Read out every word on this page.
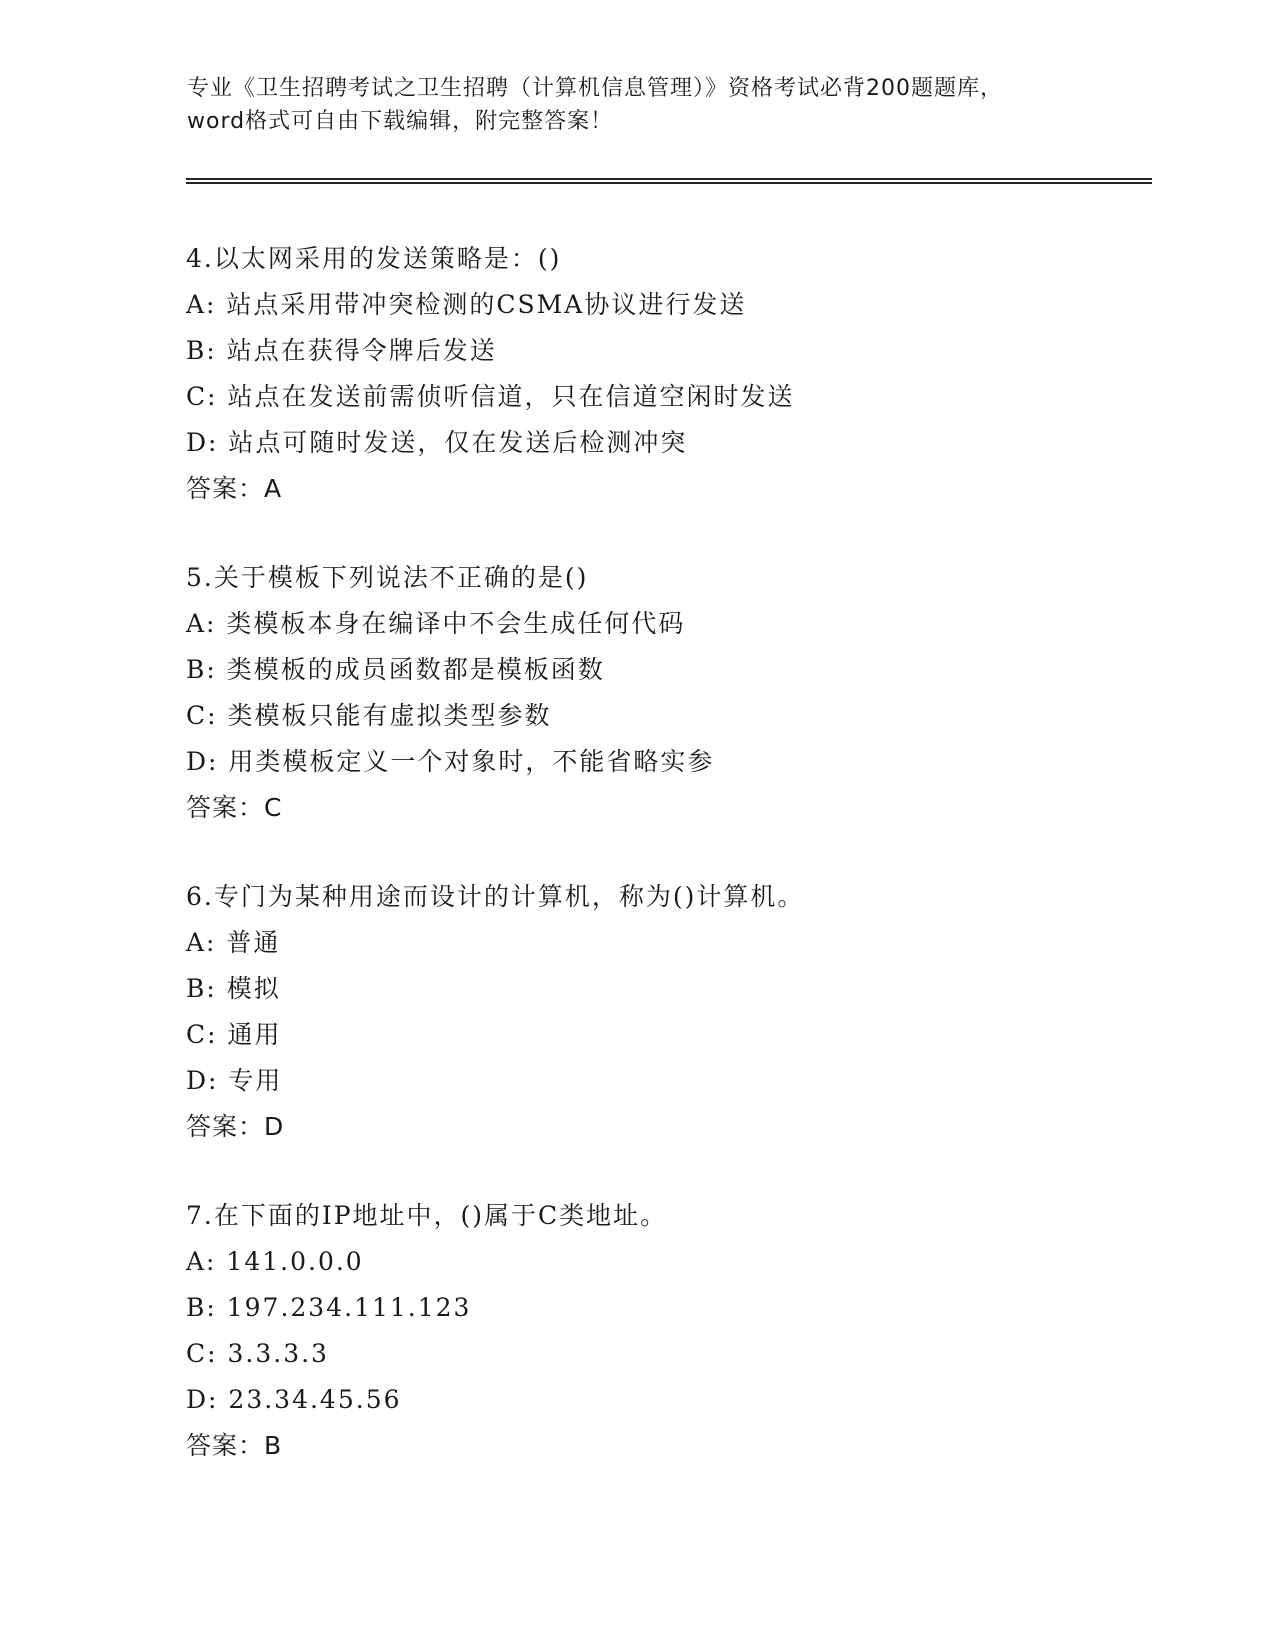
专业《卫生招聘考试之卫生招聘（计算机信息管理）》资格考试必背200题题库，
word格式可自由下载编辑，附完整答案！
4.以太网采用的发送策略是：()
A: 站点采用带冲突检测的CSMA协议进行发送
B: 站点在获得令牌后发送
C: 站点在发送前需侦听信道，只在信道空闲时发送
D: 站点可随时发送，仅在发送后检测冲突
答案：A
5.关于模板下列说法不正确的是()
A: 类模板本身在编译中不会生成任何代码
B: 类模板的成员函数都是模板函数
C: 类模板只能有虚拟类型参数
D: 用类模板定义一个对象时，不能省略实参
答案：C
6.专门为某种用途而设计的计算机，称为()计算机。
A: 普通
B: 模拟
C: 通用
D: 专用
答案：D
7.在下面的IP地址中，()属于C类地址。
A: 141.0.0.0
B: 197.234.111.123
C: 3.3.3.3
D: 23.34.45.56
答案：B
